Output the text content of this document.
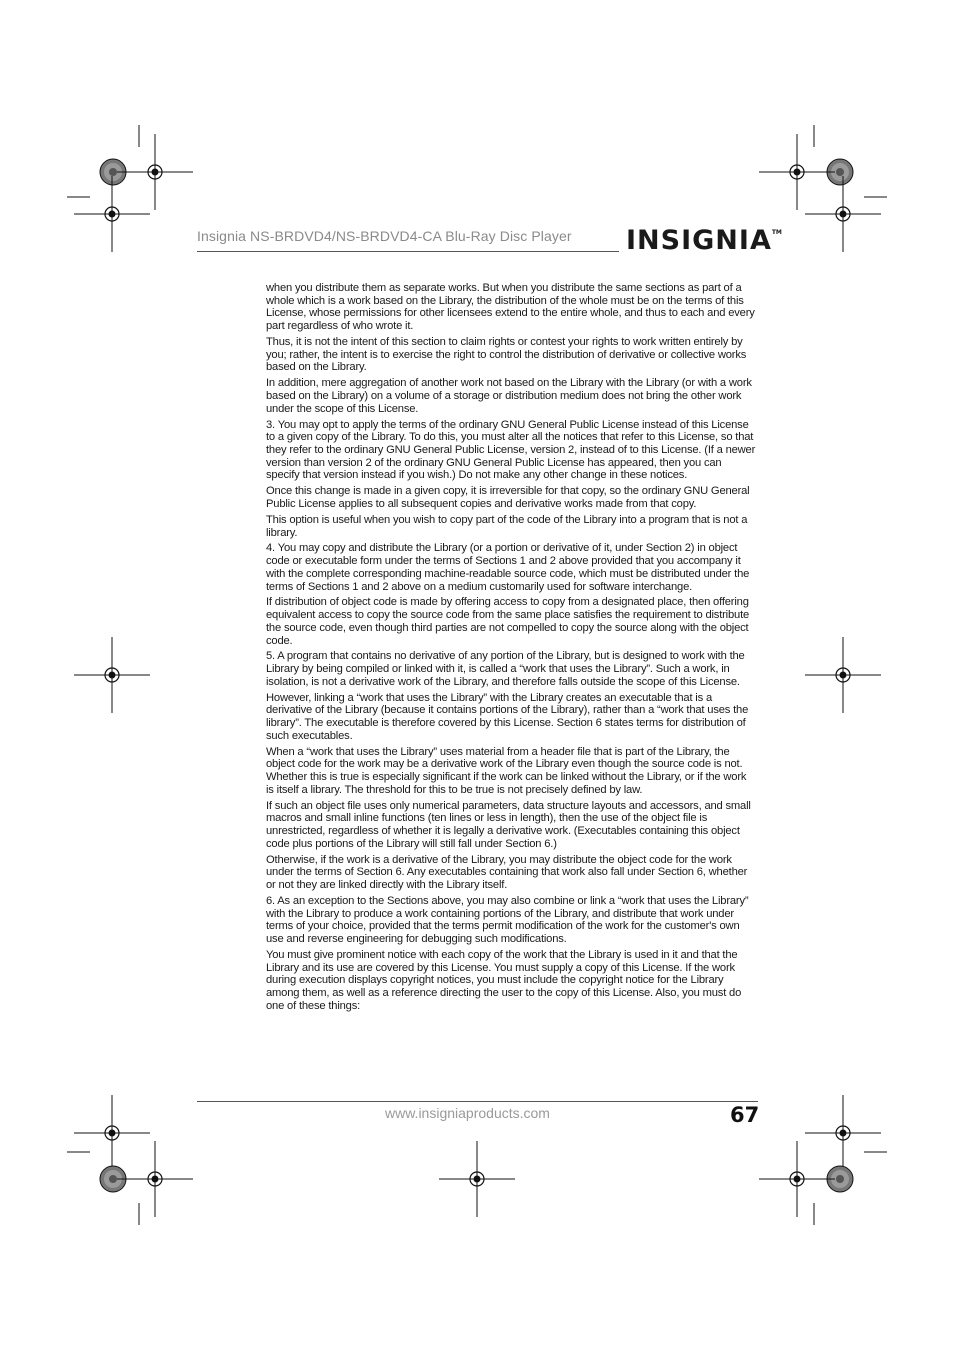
Insignia NS-BRDVD4/NS-BRDVD4-CA Blu-Ray Disc Player INSIGNIA™

when you distribute them as separate works. But when you distribute the same sections as part of a whole which is a work based on the Library, the distribution of the whole must be on the terms of this License, whose permissions for other licensees extend to the entire whole, and thus to each and every part regardless of who wrote it.

Thus, it is not the intent of this section to claim rights or contest your rights to work written entirely by you; rather, the intent is to exercise the right to control the distribution of derivative or collective works based on the Library.

In addition, mere aggregation of another work not based on the Library with the Library (or with a work based on the Library) on a volume of a storage or distribution medium does not bring the other work under the scope of this License.

3. You may opt to apply the terms of the ordinary GNU General Public License instead of this License to a given copy of the Library. To do this, you must alter all the notices that refer to this License, so that they refer to the ordinary GNU General Public License, version 2, instead of to this License. (If a newer version than version 2 of the ordinary GNU General Public License has appeared, then you can specify that version instead if you wish.) Do not make any other change in these notices.

Once this change is made in a given copy, it is irreversible for that copy, so the ordinary GNU General Public License applies to all subsequent copies and derivative works made from that copy.

This option is useful when you wish to copy part of the code of the Library into a program that is not a library.

4. You may copy and distribute the Library (or a portion or derivative of it, under Section 2) in object code or executable form under the terms of Sections 1 and 2 above provided that you accompany it with the complete corresponding machine-readable source code, which must be distributed under the terms of Sections 1 and 2 above on a medium customarily used for software interchange.

If distribution of object code is made by offering access to copy from a designated place, then offering equivalent access to copy the source code from the same place satisfies the requirement to distribute the source code, even though third parties are not compelled to copy the source along with the object code.

5. A program that contains no derivative of any portion of the Library, but is designed to work with the Library by being compiled or linked with it, is called a “work that uses the Library”. Such a work, in isolation, is not a derivative work of the Library, and therefore falls outside the scope of this License.

However, linking a “work that uses the Library” with the Library creates an executable that is a derivative of the Library (because it contains portions of the Library), rather than a “work that uses the library”. The executable is therefore covered by this License. Section 6 states terms for distribution of such executables.

When a “work that uses the Library” uses material from a header file that is part of the Library, the object code for the work may be a derivative work of the Library even though the source code is not. Whether this is true is especially significant if the work can be linked without the Library, or if the work is itself a library. The threshold for this to be true is not precisely defined by law.

If such an object file uses only numerical parameters, data structure layouts and accessors, and small macros and small inline functions (ten lines or less in length), then the use of the object file is unrestricted, regardless of whether it is legally a derivative work. (Executables containing this object code plus portions of the Library will still fall under Section 6.)

Otherwise, if the work is a derivative of the Library, you may distribute the object code for the work under the terms of Section 6. Any executables containing that work also fall under Section 6, whether or not they are linked directly with the Library itself.

6. As an exception to the Sections above, you may also combine or link a “work that uses the Library” with the Library to produce a work containing portions of the Library, and distribute that work under terms of your choice, provided that the terms permit modification of the work for the customer's own use and reverse engineering for debugging such modifications.

You must give prominent notice with each copy of the work that the Library is used in it and that the Library and its use are covered by this License. You must supply a copy of this License. If the work during execution displays copyright notices, you must include the copyright notice for the Library among them, as well as a reference directing the user to the copy of this License. Also, you must do one of these things:

www.insigniaproducts.com	67
